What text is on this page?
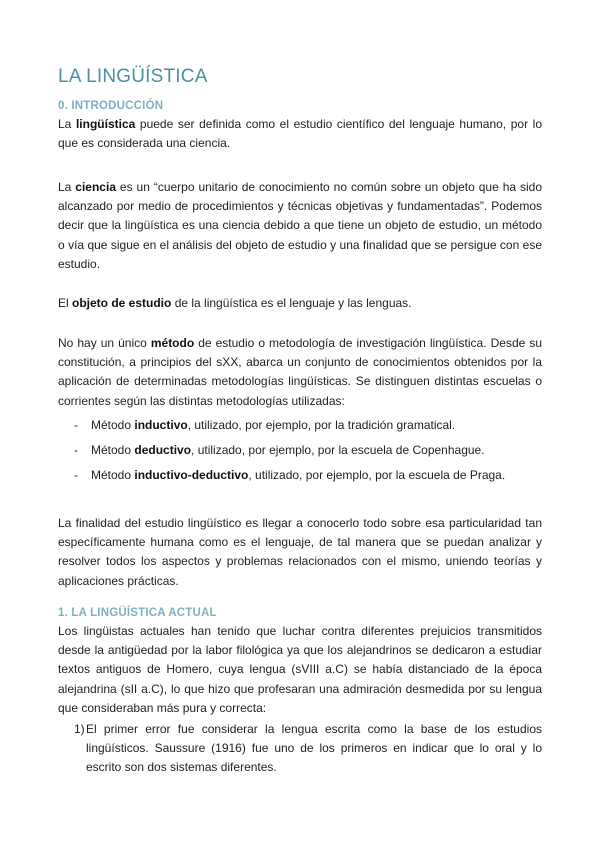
LA LINGÜÍSTICA
0. INTRODUCCIÓN

La lingüística puede ser definida como el estudio científico del lenguaje humano, por lo que es considerada una ciencia.

La ciencia es un “cuerpo unitario de conocimiento no común sobre un objeto que ha sido alcanzado por medio de procedimientos y técnicas objetivas y fundamentadas”. Podemos decir que la lingüística es una ciencia debido a que tiene un objeto de estudio, un método o vía que sigue en el análisis del objeto de estudio y una finalidad que se persigue con ese estudio.

El objeto de estudio de la lingüística es el lenguaje y las lenguas.

No hay un único método de estudio o metodología de investigación lingüística. Desde su constitución, a principios del sXX, abarca un conjunto de conocimientos obtenidos por la aplicación de determinadas metodologías lingüísticas. Se distinguen distintas escuelas o corrientes según las distintas metodologías utilizadas:

- Método inductivo, utilizado, por ejemplo, por la tradición gramatical.
- Método deductivo, utilizado, por ejemplo, por la escuela de Copenhague.
- Método inductivo-deductivo, utilizado, por ejemplo, por la escuela de Praga.

La finalidad del estudio lingüístico es llegar a conocerlo todo sobre esa particularidad tan específicamente humana como es el lenguaje, de tal manera que se puedan analizar y resolver todos los aspectos y problemas relacionados con el mismo, uniendo teorías y aplicaciones prácticas.

1. LA LINGÜÍSTICA ACTUAL

Los lingüistas actuales han tenido que luchar contra diferentes prejuicios transmitidos desde la antigüedad por la labor filológica ya que los alejandrinos se dedicaron a estudiar textos antiguos de Homero, cuya lengua (sVIII a.C) se había distanciado de la época alejandrina (sII a.C), lo que hizo que profesaran una admiración desmedida por su lengua que consideraban más pura y correcta:

1) El primer error fue considerar la lengua escrita como la base de los estudios lingüísticos. Saussure (1916) fue uno de los primeros en indicar que lo oral y lo escrito son dos sistemas diferentes.
